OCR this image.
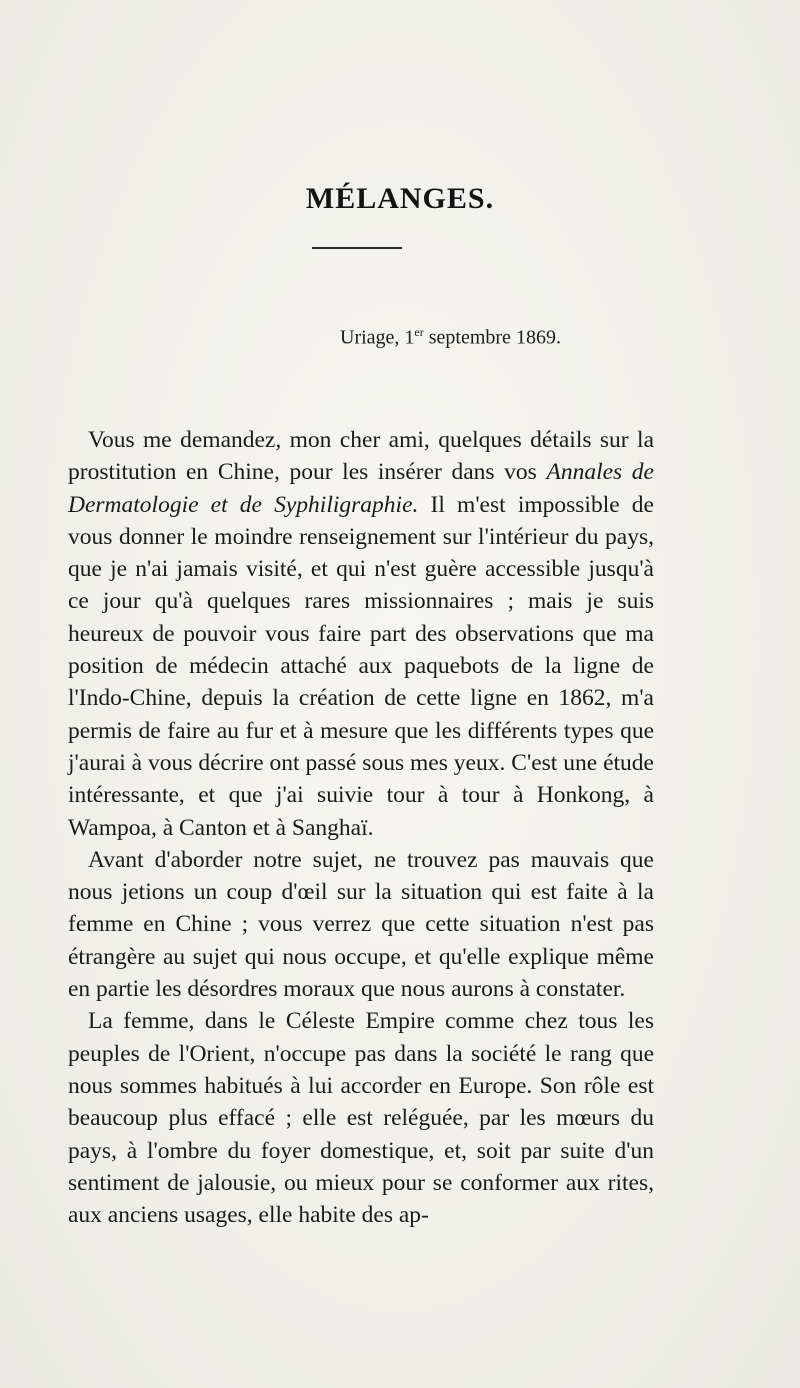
MÉLANGES.
Uriage, 1er septembre 1869.

Vous me demandez, mon cher ami, quelques détails sur la prostitution en Chine, pour les insérer dans vos Annales de Dermatologie et de Syphiligraphie. Il m'est impossible de vous donner le moindre renseignement sur l'intérieur du pays, que je n'ai jamais visité, et qui n'est guère accessible jusqu'à ce jour qu'à quelques rares missionnaires ; mais je suis heureux de pouvoir vous faire part des observations que ma position de médecin attaché aux paquebots de la ligne de l'Indo-Chine, depuis la création de cette ligne en 1862, m'a permis de faire au fur et à mesure que les différents types que j'aurai à vous décrire ont passé sous mes yeux. C'est une étude intéressante, et que j'ai suivie tour à tour à Honkong, à Wampoa, à Canton et à Sanghaï.

Avant d'aborder notre sujet, ne trouvez pas mauvais que nous jetions un coup d'œil sur la situation qui est faite à la femme en Chine ; vous verrez que cette situation n'est pas étrangère au sujet qui nous occupe, et qu'elle explique même en partie les désordres moraux que nous aurons à constater.

La femme, dans le Céleste Empire comme chez tous les peuples de l'Orient, n'occupe pas dans la société le rang que nous sommes habitués à lui accorder en Europe. Son rôle est beaucoup plus effacé ; elle est reléguée, par les mœurs du pays, à l'ombre du foyer domestique, et, soit par suite d'un sentiment de jalousie, ou mieux pour se conformer aux rites, aux anciens usages, elle habite des ap-
